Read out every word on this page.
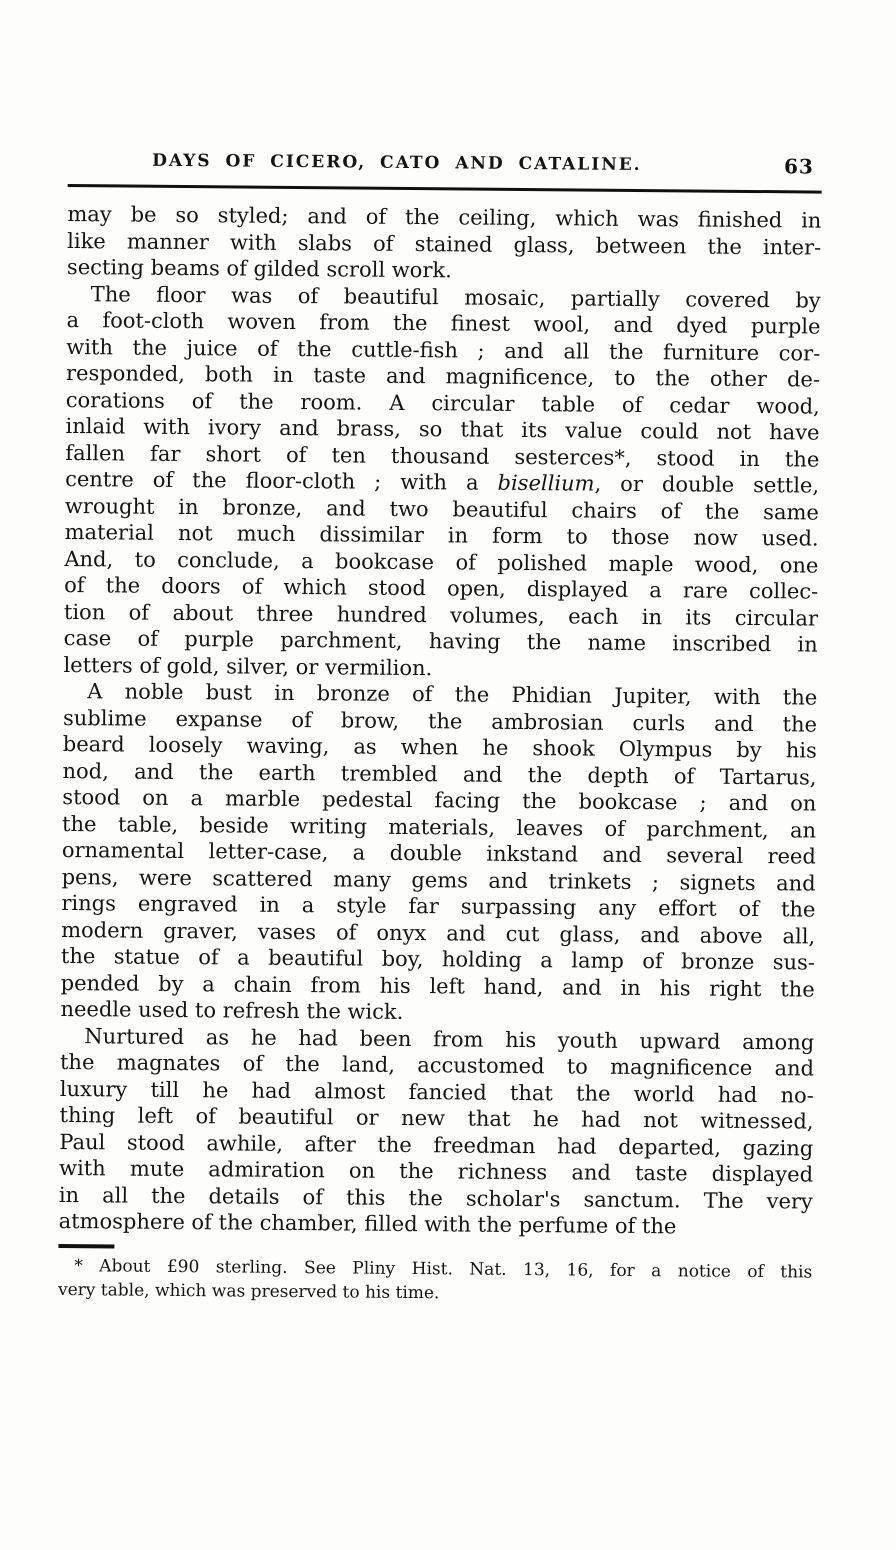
DAYS OF CICERO, CATO AND CATALINE.	63
may be so styled; and of the ceiling, which was finished in
like manner with slabs of stained glass, between the inter-
secting beams of gilded scroll work.
The floor was of beautiful mosaic, partially covered by
a foot-cloth woven from the finest wool, and dyed purple
with the juice of the cuttle-fish ; and all the furniture cor-
responded, both in taste and magnificence, to the other de-
corations of the room. A circular table of cedar wood,
inlaid with ivory and brass, so that its value could not have
fallen far short of ten thousand sesterces*, stood in the
centre of the floor-cloth ; with a bisellium, or double settle,
wrought in bronze, and two beautiful chairs of the same
material not much dissimilar in form to those now used.
And, to conclude, a bookcase of polished maple wood, one
of the doors of which stood open, displayed a rare collec-
tion of about three hundred volumes, each in its circular
case of purple parchment, having the name inscribed in
letters of gold, silver, or vermilion.
A noble bust in bronze of the Phidian Jupiter, with the
sublime expanse of brow, the ambrosian curls and the
beard loosely waving, as when he shook Olympus by his
nod, and the earth trembled and the depth of Tartarus,
stood on a marble pedestal facing the bookcase ; and on
the table, beside writing materials, leaves of parchment, an
ornamental letter-case, a double inkstand and several reed
pens, were scattered many gems and trinkets ; signets and
rings engraved in a style far surpassing any effort of the
modern graver, vases of onyx and cut glass, and above all,
the statue of a beautiful boy, holding a lamp of bronze sus-
pended by a chain from his left hand, and in his right the
needle used to refresh the wick.
Nurtured as he had been from his youth upward among
the magnates of the land, accustomed to magnificence and
luxury till he had almost fancied that the world had no-
thing left of beautiful or new that he had not witnessed,
Paul stood awhile, after the freedman had departed, gazing
with mute admiration on the richness and taste displayed
in all the details of this the scholar's sanctum. The very
atmosphere of the chamber, filled with the perfume of the
* About £90 sterling. See Pliny Hist. Nat. 13, 16, for a notice of this
very table, which was preserved to his time.
